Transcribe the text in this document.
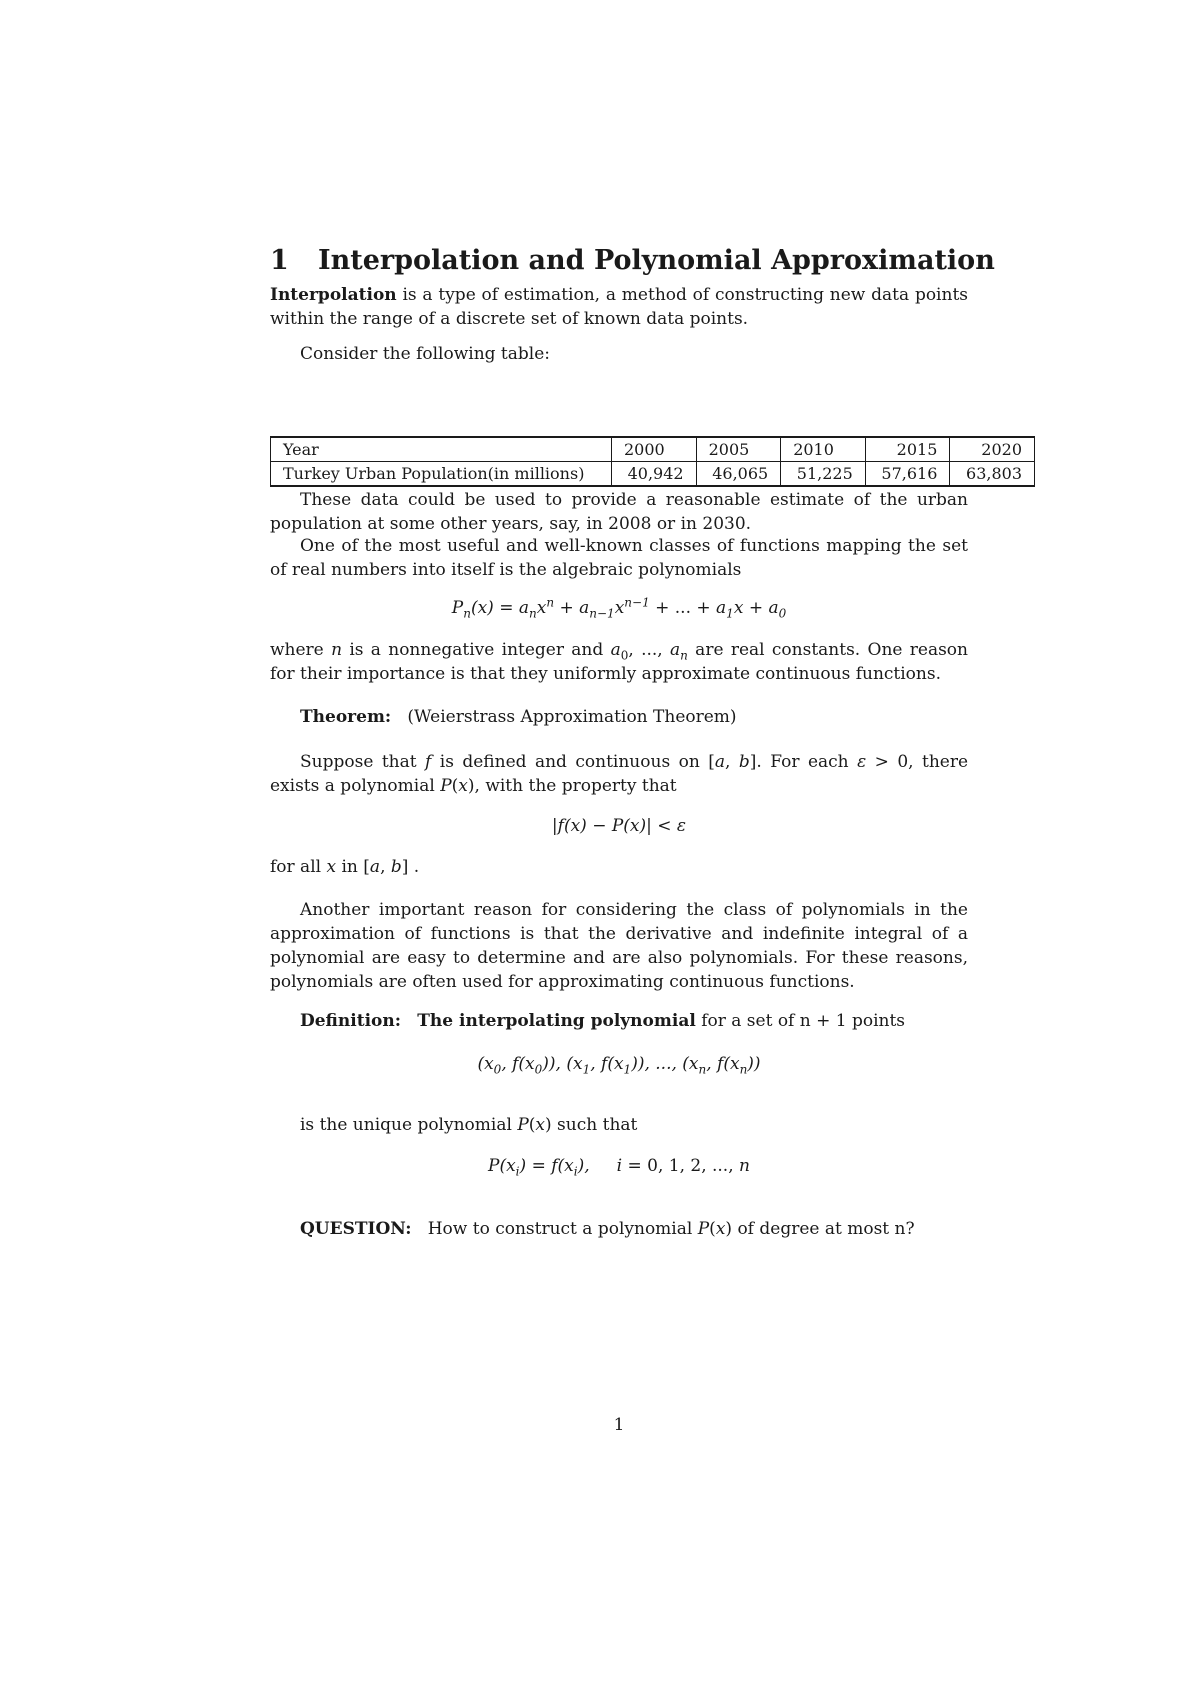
1 Interpolation and Polynomial Approximation

Interpolation is a type of estimation, a method of constructing new data points within the range of a discrete set of known data points.

Consider the following table:

Year	2000	2005	2010	2015	2020
Turkey Urban Population(in millions)	40,942	46,065	51,225	57,616	63,803

These data could be used to provide a reasonable estimate of the urban population at some other years, say, in 2008 or in 2030.

One of the most useful and well-known classes of functions mapping the set of real numbers into itself is the algebraic polynomials

$P_n(x) = a_nx^n + a_{n-1}x^{n-1}$ + ... + $a_1x + a_0$

where n is a nonnegative integer and $a_0$, ..., $a_n$ are real constants. One reason for their importance is that they uniformly approximate continuous functions.

Theorem: (Weierstrass Approximation Theorem)

Suppose that f is defined and continuous on [a, b]. For each ε > 0, there exists a polynomial P(x), with the property that

|f(x) − P(x)| < ε

for all x in [a, b] .

Another important reason for considering the class of polynomials in the approximation of functions is that the derivative and indefinite integral of a polynomial are easy to determine and are also polynomials. For these reasons, polynomials are often used for approximating continuous functions.

Definition: The interpolating polynomial for a set of n + 1 points

($x_0$, $f(x_0)$), ($x_1$, $f(x_1)$), ..., ($x_n$, $f(x_n)$)

is the unique polynomial P(x) such that

$P(x_i) = f(x_i)$,     i = 0, 1, 2, ..., n

QUESTION: How to construct a polynomial P(x) of degree at most n?

1
